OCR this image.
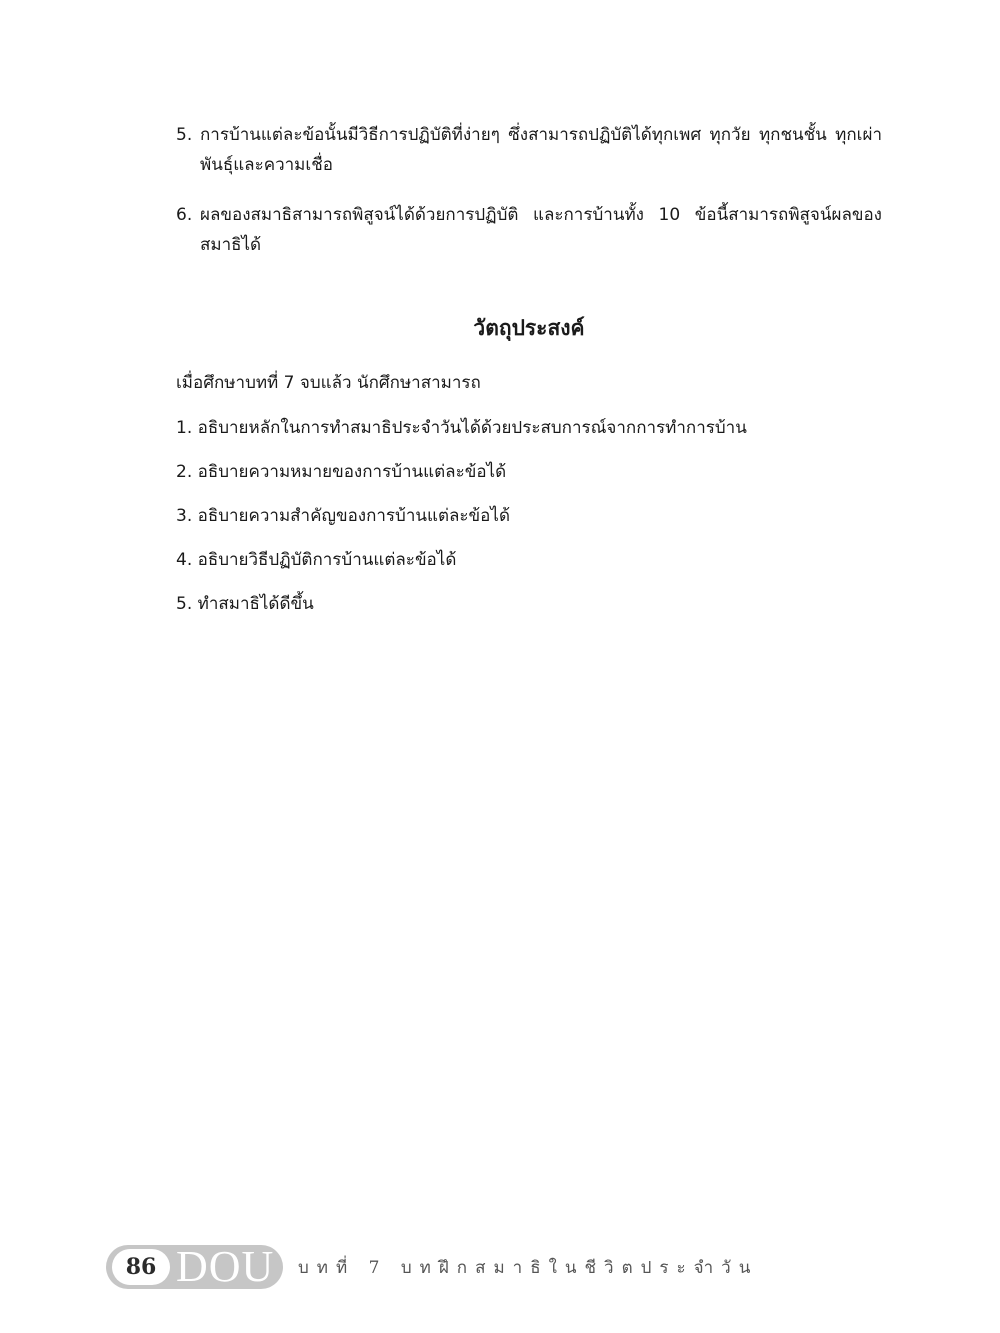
5. การบ้านแต่ละข้อนั้นมีวิธีการปฏิบัติที่ง่ายๆ ซึ่งสามารถปฏิบัติได้ทุกเพศ ทุกวัย ทุกชนชั้น ทุกเผ่าพันธุ์และความเชื่อ
6. ผลของสมาธิสามารถพิสูจน์ได้ด้วยการปฏิบัติ และการบ้านทั้ง 10 ข้อนี้สามารถพิสูจน์ผลของสมาธิได้
วัตถุประสงค์
เมื่อศึกษาบทที่ 7 จบแล้ว นักศึกษาสามารถ
1. อธิบายหลักในการทำสมาธิประจำวันได้ด้วยประสบการณ์จากการทำการบ้าน
2. อธิบายความหมายของการบ้านแต่ละข้อได้
3. อธิบายความสำคัญของการบ้านแต่ละข้อได้
4. อธิบายวิธีปฏิบัติการบ้านแต่ละข้อได้
5. ทำสมาธิได้ดีขึ้น
86 DOU บทที่ 7 บทฝึกสมาธิในชีวิตประจำวัน
